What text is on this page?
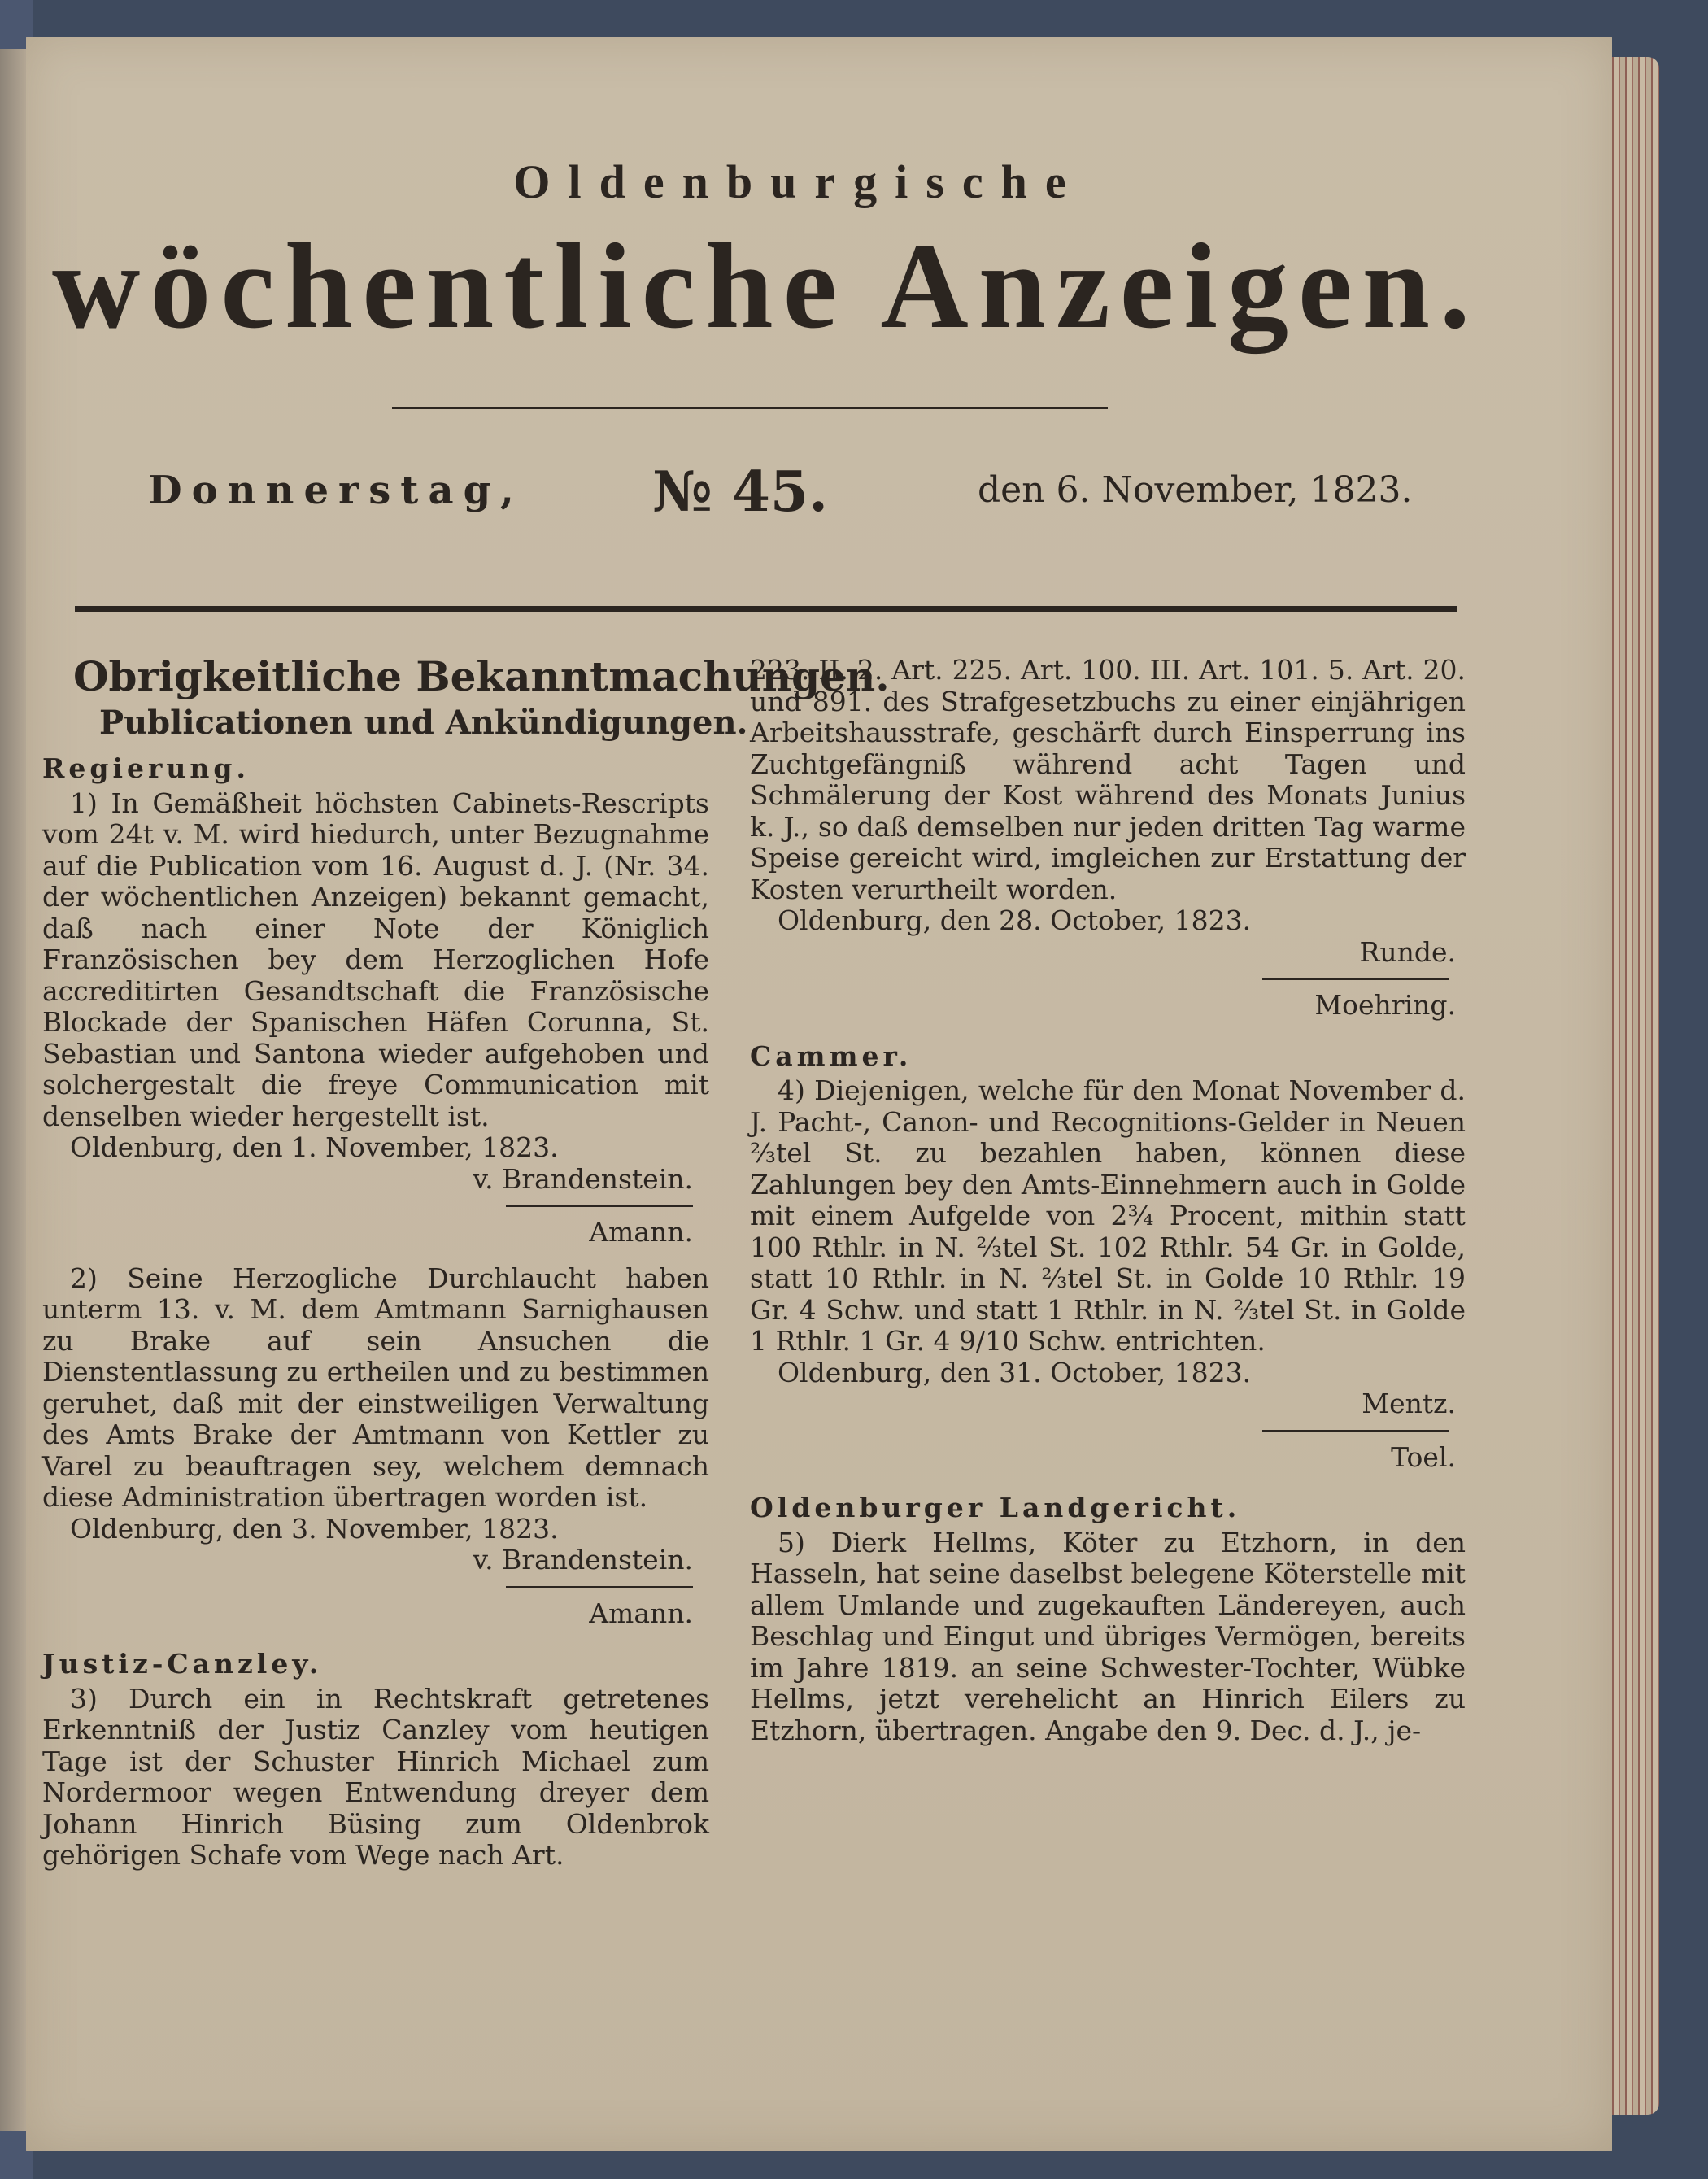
Oldenburgische
wöchentliche Anzeigen.
Donnerstag, № 45.	den 6. November, 1823.
Obrigkeitliche Bekanntmachungen.
Publicationen und Ankündigungen.
Regierung.

1) In Gemäßheit höchsten Cabinets-Rescripts vom 24t v. M. wird hiedurch, unter Bezugnahme auf die Publication vom 16. August d. J. (Nr. 34. der wöchentlichen Anzeigen) bekannt gemacht, daß nach einer Note der Königlich Französischen bey dem Herzoglichen Hofe accreditirten Gesandtschaft die Französische Blockade der Spanischen Häfen Corunna, St. Sebastian und Santona wieder aufgehoben und solchergestalt die freye Communication mit denselben wieder hergestellt ist.

Oldenburg, den 1. November, 1823.

v. Brandenstein.

Amann.

2) Seine Herzogliche Durchlaucht haben unterm 13. v. M. dem Amtmann Sarnighausen zu Brake auf sein Ansuchen die Dienstentlassung zu ertheilen und zu bestimmen geruhet, daß mit der einstweiligen Verwaltung des Amts Brake der Amtmann von Kettler zu Varel zu beauftragen sey, welchem demnach diese Administration übertragen worden ist.

Oldenburg, den 3. November, 1823.

v. Brandenstein.

Amann.

Justiz-Canzley.

3) Durch ein in Rechtskraft getretenes Erkenntniß der Justiz Canzley vom heutigen Tage ist der Schuster Hinrich Michael zum Nordermoor wegen Entwendung dreyer dem Johann Hinrich Büsing zum Oldenbrok gehörigen Schafe vom Wege nach Art.

223. II. 2. Art. 225. Art. 100. III. Art. 101. 5. Art. 20. und 891. des Strafgesetzbuchs zu einer einjährigen Arbeitshausstrafe, geschärft durch Einsperrung ins Zuchtgefängniß während acht Tagen und Schmälerung der Kost während des Monats Junius k. J., so daß demselben nur jeden dritten Tag warme Speise gereicht wird, imgleichen zur Erstattung der Kosten verurtheilt worden.

Oldenburg, den 28. October, 1823.

Runde.

Moehring.

Cammer.

4) Diejenigen, welche für den Monat November d. J. Pacht-, Canon- und Recognitions-Gelder in Neuen ⅔tel St. zu bezahlen haben, können diese Zahlungen bey den Amts-Einnehmern auch in Golde mit einem Aufgelde von 2¾ Procent, mithin statt 100 Rthlr. in N. ⅔tel St. 102 Rthlr. 54 Gr. in Golde, statt 10 Rthlr. in N. ⅔tel St. in Golde 10 Rthlr. 19 Gr. 4 Schw. und statt 1 Rthlr. in N. ⅔tel St. in Golde 1 Rthlr. 1 Gr. 4 9/10 Schw. entrichten.

Oldenburg, den 31. October, 1823.

Mentz.

Toel.

Oldenburger Landgericht.

5) Dierk Hellms, Köter zu Etzhorn, in den Hasseln, hat seine daselbst belegene Köterstelle mit allem Umlande und zugekauften Ländereyen, auch Beschlag und Eingut und übriges Vermögen, bereits im Jahre 1819. an seine Schwester-Tochter, Wübke Hellms, jetzt verehelicht an Hinrich Eilers zu Etzhorn, übertragen. Angabe den 9. Dec. d. J., je-
